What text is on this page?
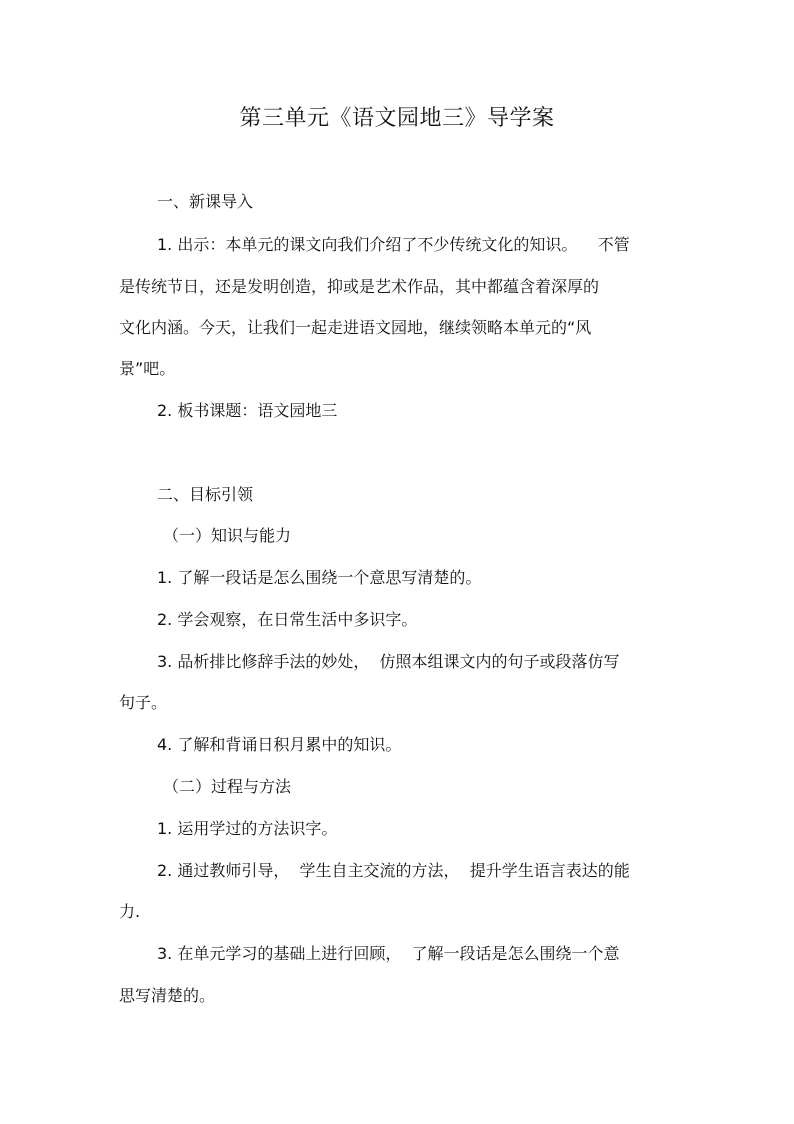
第三单元《语文园地三》导学案
一、新课导入
1. 出示：本单元的课文向我们介绍了不少传统文化的知识。    不管
是传统节日，还是发明创造，抑或是艺术作品，其中都蕴含着深厚的
文化内涵。今天，让我们一起走进语文园地，继续领略本单元的“风
景”吧。
2. 板书课题：语文园地三
二、目标引领
（一）知识与能力
1. 了解一段话是怎么围绕一个意思写清楚的。
2. 学会观察，在日常生活中多识字。
3. 品析排比修辞手法的妙处，  仿照本组课文内的句子或段落仿写
句子。
4. 了解和背诵日积月累中的知识。
（二）过程与方法
1. 运用学过的方法识字。
2. 通过教师引导，  学生自主交流的方法，  提升学生语言表达的能
力.
3. 在单元学习的基础上进行回顾，  了解一段话是怎么围绕一个意
思写清楚的。
